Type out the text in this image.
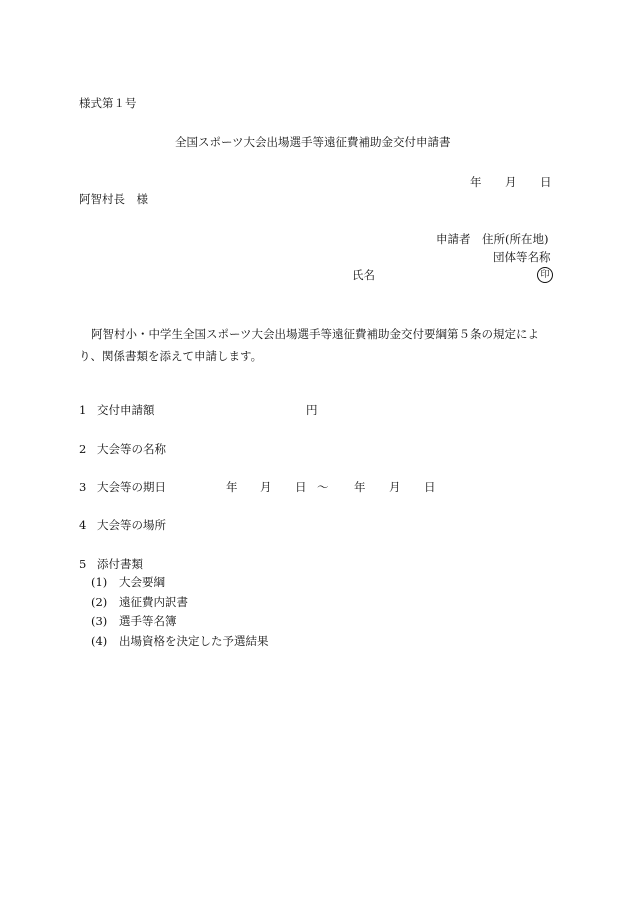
様式第１号
全国スポーツ大会出場選手等遠征費補助金交付申請書
年 月 日
阿智村長　様
申請者 住所(所在地)
団体等名称
氏名	印
阿智村小・中学生全国スポーツ大会出場選手等遠征費補助金交付要綱第５条の規定により、関係書類を添えて申請します。
1 交付申請額	円
2 大会等の名称
3 大会等の期日	年 月 日 ～ 年 月 日
4 大会等の場所
5 添付書類
(1) 大会要綱
(2) 遠征費内訳書
(3) 選手等名簿
(4) 出場資格を決定した予選結果
